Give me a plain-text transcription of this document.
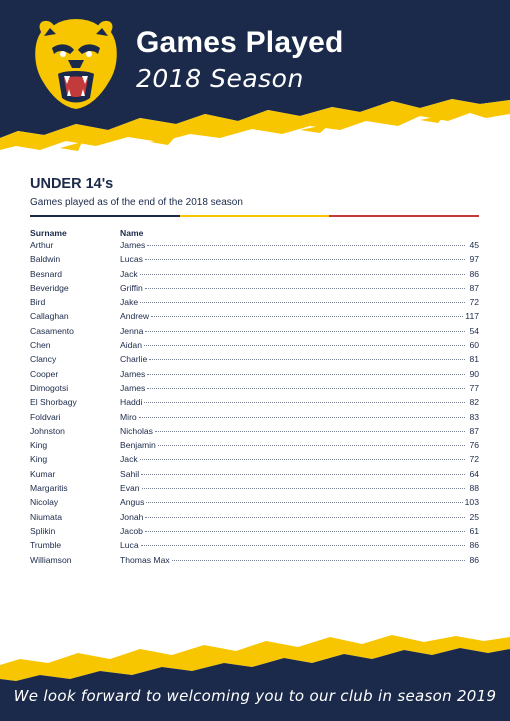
Games Played
2018 Season
UNDER 14's
Games played as of the end of the 2018 season
Surname	Name
Arthur	James	45
Baldwin	Lucas	97
Besnard	Jack	86
Beveridge	Griffin	87
Bird	Jake	72
Callaghan	Andrew	117
Casamento	Jenna	54
Chen	Aidan	60
Clancy	Charlie	81
Cooper	James	90
Dimogotsi	James	77
El Shorbagy	Haddi	82
Foldvari	Miro	83
Johnston	Nicholas	87
King	Benjamin	76
King	Jack	72
Kumar	Sahil	64
Margaritis	Evan	88
Nicolay	Angus	103
Niumata	Jonah	25
Splikin	Jacob	61
Trumble	Luca	86
Williamson	Thomas Max	86
We look forward to welcoming you to our club in season 2019
